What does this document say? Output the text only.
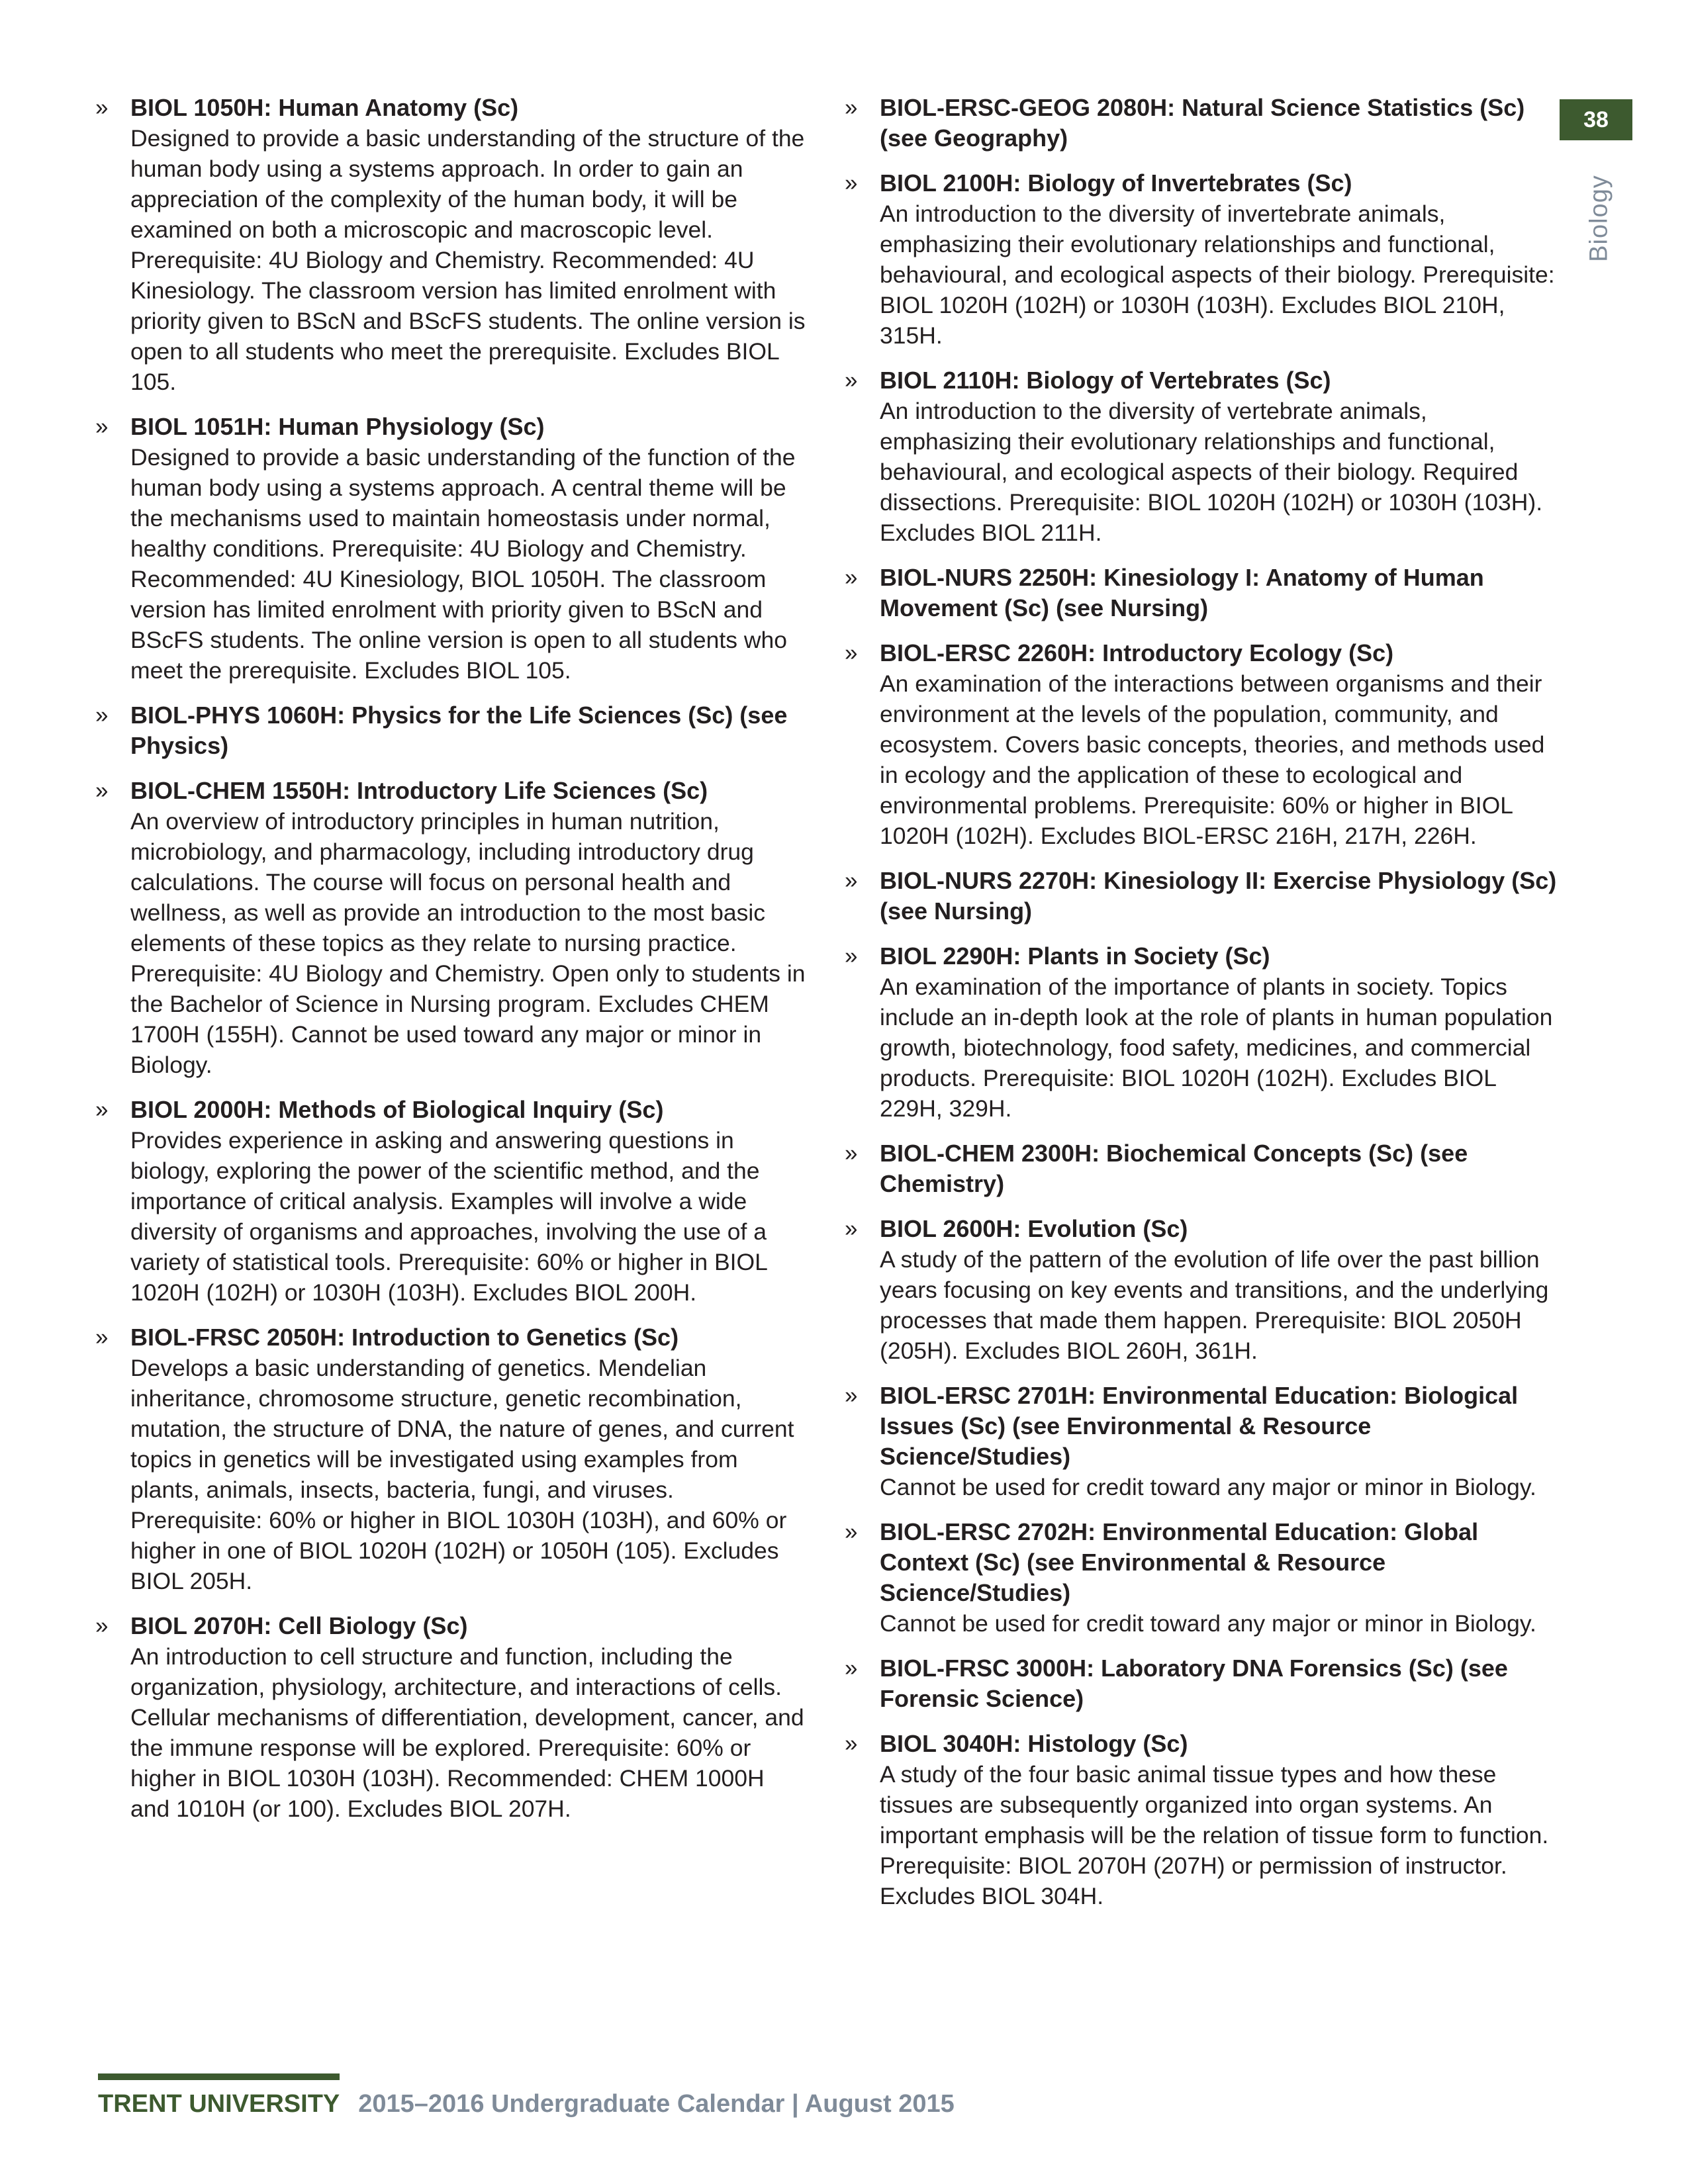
38
Biology
» BIOL 1050H: Human Anatomy (Sc)

Designed to provide a basic understanding of the structure of the human body using a systems approach. In order to gain an appreciation of the complexity of the human body, it will be examined on both a microscopic and macroscopic level. Prerequisite: 4U Biology and Chemistry. Recommended: 4U Kinesiology. The classroom version has limited enrolment with priority given to BScN and BScFS students. The online version is open to all students who meet the prerequisite. Excludes BIOL 105.

» BIOL 1051H: Human Physiology (Sc)

Designed to provide a basic understanding of the function of the human body using a systems approach. A central theme will be the mechanisms used to maintain homeostasis under normal, healthy conditions. Prerequisite: 4U Biology and Chemistry. Recommended: 4U Kinesiology, BIOL 1050H. The classroom version has limited enrolment with priority given to BScN and BScFS students. The online version is open to all students who meet the prerequisite. Excludes BIOL 105.

» BIOL-PHYS 1060H: Physics for the Life Sciences (Sc) (see Physics)

» BIOL-CHEM 1550H: Introductory Life Sciences (Sc)

An overview of introductory principles in human nutrition, microbiology, and pharmacology, including introductory drug calculations. The course will focus on personal health and wellness, as well as provide an introduction to the most basic elements of these topics as they relate to nursing practice. Prerequisite: 4U Biology and Chemistry. Open only to students in the Bachelor of Science in Nursing program. Excludes CHEM 1700H (155H). Cannot be used toward any major or minor in Biology.

» BIOL 2000H: Methods of Biological Inquiry (Sc)

Provides experience in asking and answering questions in biology, exploring the power of the scientific method, and the importance of critical analysis. Examples will involve a wide diversity of organisms and approaches, involving the use of a variety of statistical tools. Prerequisite: 60% or higher in BIOL 1020H (102H) or 1030H (103H). Excludes BIOL 200H.

» BIOL-FRSC 2050H: Introduction to Genetics (Sc)

Develops a basic understanding of genetics. Mendelian inheritance, chromosome structure, genetic recombination, mutation, the structure of DNA, the nature of genes, and current topics in genetics will be investigated using examples from plants, animals, insects, bacteria, fungi, and viruses. Prerequisite: 60% or higher in BIOL 1030H (103H), and 60% or higher in one of BIOL 1020H (102H) or 1050H (105). Excludes BIOL 205H.

» BIOL 2070H: Cell Biology (Sc)

An introduction to cell structure and function, including the organization, physiology, architecture, and interactions of cells. Cellular mechanisms of differentiation, development, cancer, and the immune response will be explored. Prerequisite: 60% or higher in BIOL 1030H (103H). Recommended: CHEM 1000H and 1010H (or 100). Excludes BIOL 207H.

» BIOL-ERSC-GEOG 2080H: Natural Science Statistics (Sc) (see Geography)

» BIOL 2100H: Biology of Invertebrates (Sc)

An introduction to the diversity of invertebrate animals, emphasizing their evolutionary relationships and functional, behavioural, and ecological aspects of their biology. Prerequisite: BIOL 1020H (102H) or 1030H (103H). Excludes BIOL 210H, 315H.

» BIOL 2110H: Biology of Vertebrates (Sc)

An introduction to the diversity of vertebrate animals, emphasizing their evolutionary relationships and functional, behavioural, and ecological aspects of their biology. Required dissections. Prerequisite: BIOL 1020H (102H) or 1030H (103H). Excludes BIOL 211H.

» BIOL-NURS 2250H: Kinesiology I: Anatomy of Human Movement (Sc) (see Nursing)

» BIOL-ERSC 2260H: Introductory Ecology (Sc)

An examination of the interactions between organisms and their environment at the levels of the population, community, and ecosystem. Covers basic concepts, theories, and methods used in ecology and the application of these to ecological and environmental problems. Prerequisite: 60% or higher in BIOL 1020H (102H). Excludes BIOL-ERSC 216H, 217H, 226H.

» BIOL-NURS 2270H: Kinesiology II: Exercise Physiology (Sc) (see Nursing)

» BIOL 2290H: Plants in Society (Sc)

An examination of the importance of plants in society. Topics include an in-depth look at the role of plants in human population growth, biotechnology, food safety, medicines, and commercial products. Prerequisite: BIOL 1020H (102H). Excludes BIOL 229H, 329H.

» BIOL-CHEM 2300H: Biochemical Concepts (Sc) (see Chemistry)

» BIOL 2600H: Evolution (Sc)

A study of the pattern of the evolution of life over the past billion years focusing on key events and transitions, and the underlying processes that made them happen. Prerequisite: BIOL 2050H (205H). Excludes BIOL 260H, 361H.

» BIOL-ERSC 2701H: Environmental Education: Biological Issues (Sc) (see Environmental & Resource Science/Studies)

Cannot be used for credit toward any major or minor in Biology.

» BIOL-ERSC 2702H: Environmental Education: Global Context (Sc) (see Environmental & Resource Science/Studies)

Cannot be used for credit toward any major or minor in Biology.

» BIOL-FRSC 3000H: Laboratory DNA Forensics (Sc) (see Forensic Science)

» BIOL 3040H: Histology (Sc)

A study of the four basic animal tissue types and how these tissues are subsequently organized into organ systems. An important emphasis will be the relation of tissue form to function. Prerequisite: BIOL 2070H (207H) or permission of instructor. Excludes BIOL 304H.

TRENT UNIVERSITY 2015–2016 Undergraduate Calendar | August 2015
